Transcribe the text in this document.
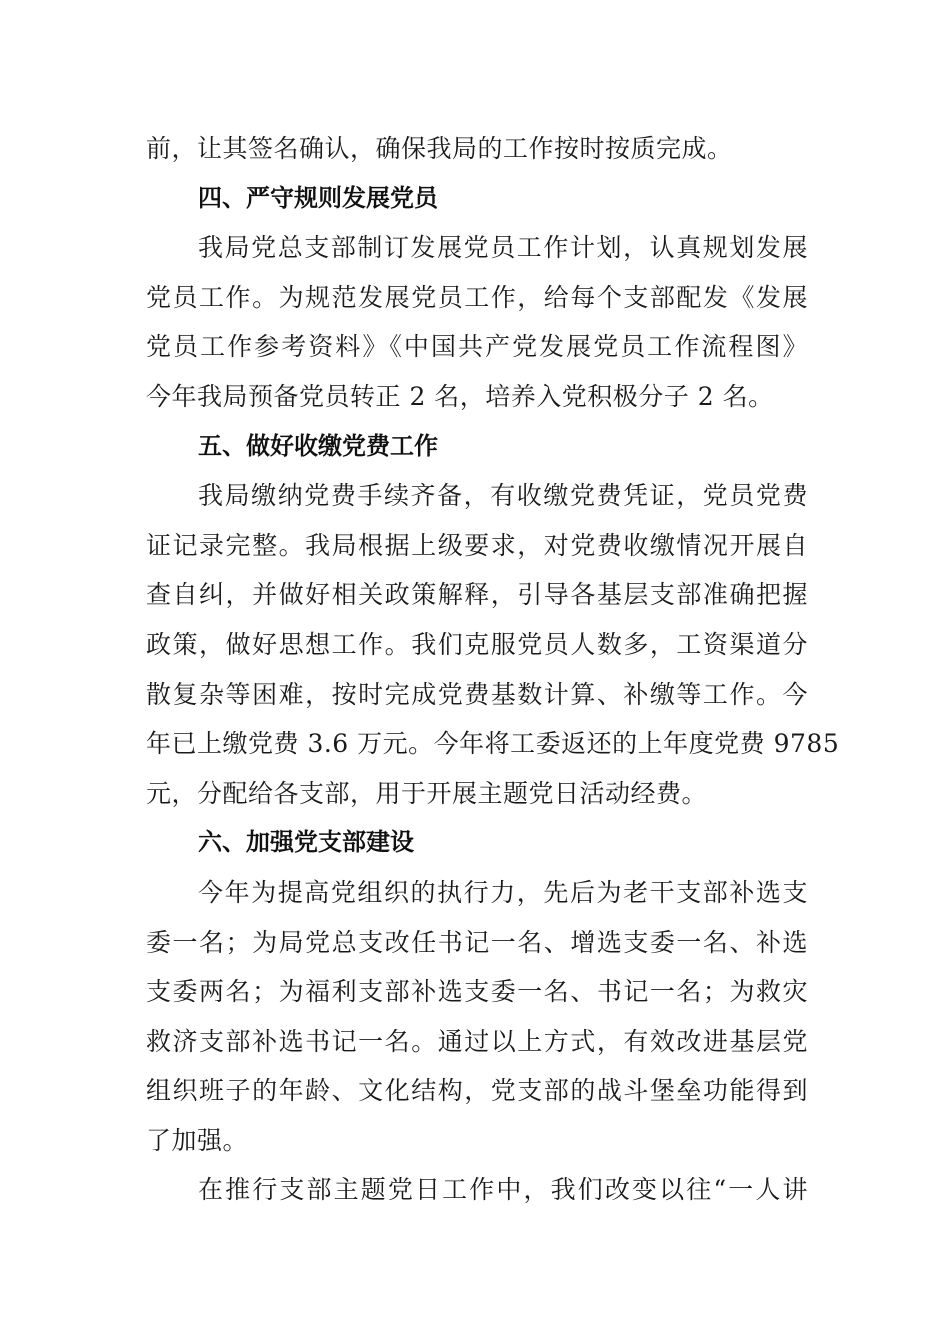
前，让其签名确认，确保我局的工作按时按质完成。
四、严守规则发展党员
我局党总支部制订发展党员工作计划，认真规划发展
党员工作。为规范发展党员工作，给每个支部配发《发展
党员工作参考资料》《中国共产党发展党员工作流程图》
今年我局预备党员转正 2 名，培养入党积极分子 2 名。
五、做好收缴党费工作
我局缴纳党费手续齐备，有收缴党费凭证，党员党费
证记录完整。我局根据上级要求，对党费收缴情况开展自
查自纠，并做好相关政策解释，引导各基层支部准确把握
政策，做好思想工作。我们克服党员人数多，工资渠道分
散复杂等困难，按时完成党费基数计算、补缴等工作。今
年已上缴党费 3.6 万元。今年将工委返还的上年度党费 9785
元，分配给各支部，用于开展主题党日活动经费。
六、加强党支部建设
今年为提高党组织的执行力，先后为老干支部补选支
委一名；为局党总支改任书记一名、增选支委一名、补选
支委两名；为福利支部补选支委一名、书记一名；为救灾
救济支部补选书记一名。通过以上方式，有效改进基层党
组织班子的年龄、文化结构，党支部的战斗堡垒功能得到
了加强。
在推行支部主题党日工作中，我们改变以往“一人讲
